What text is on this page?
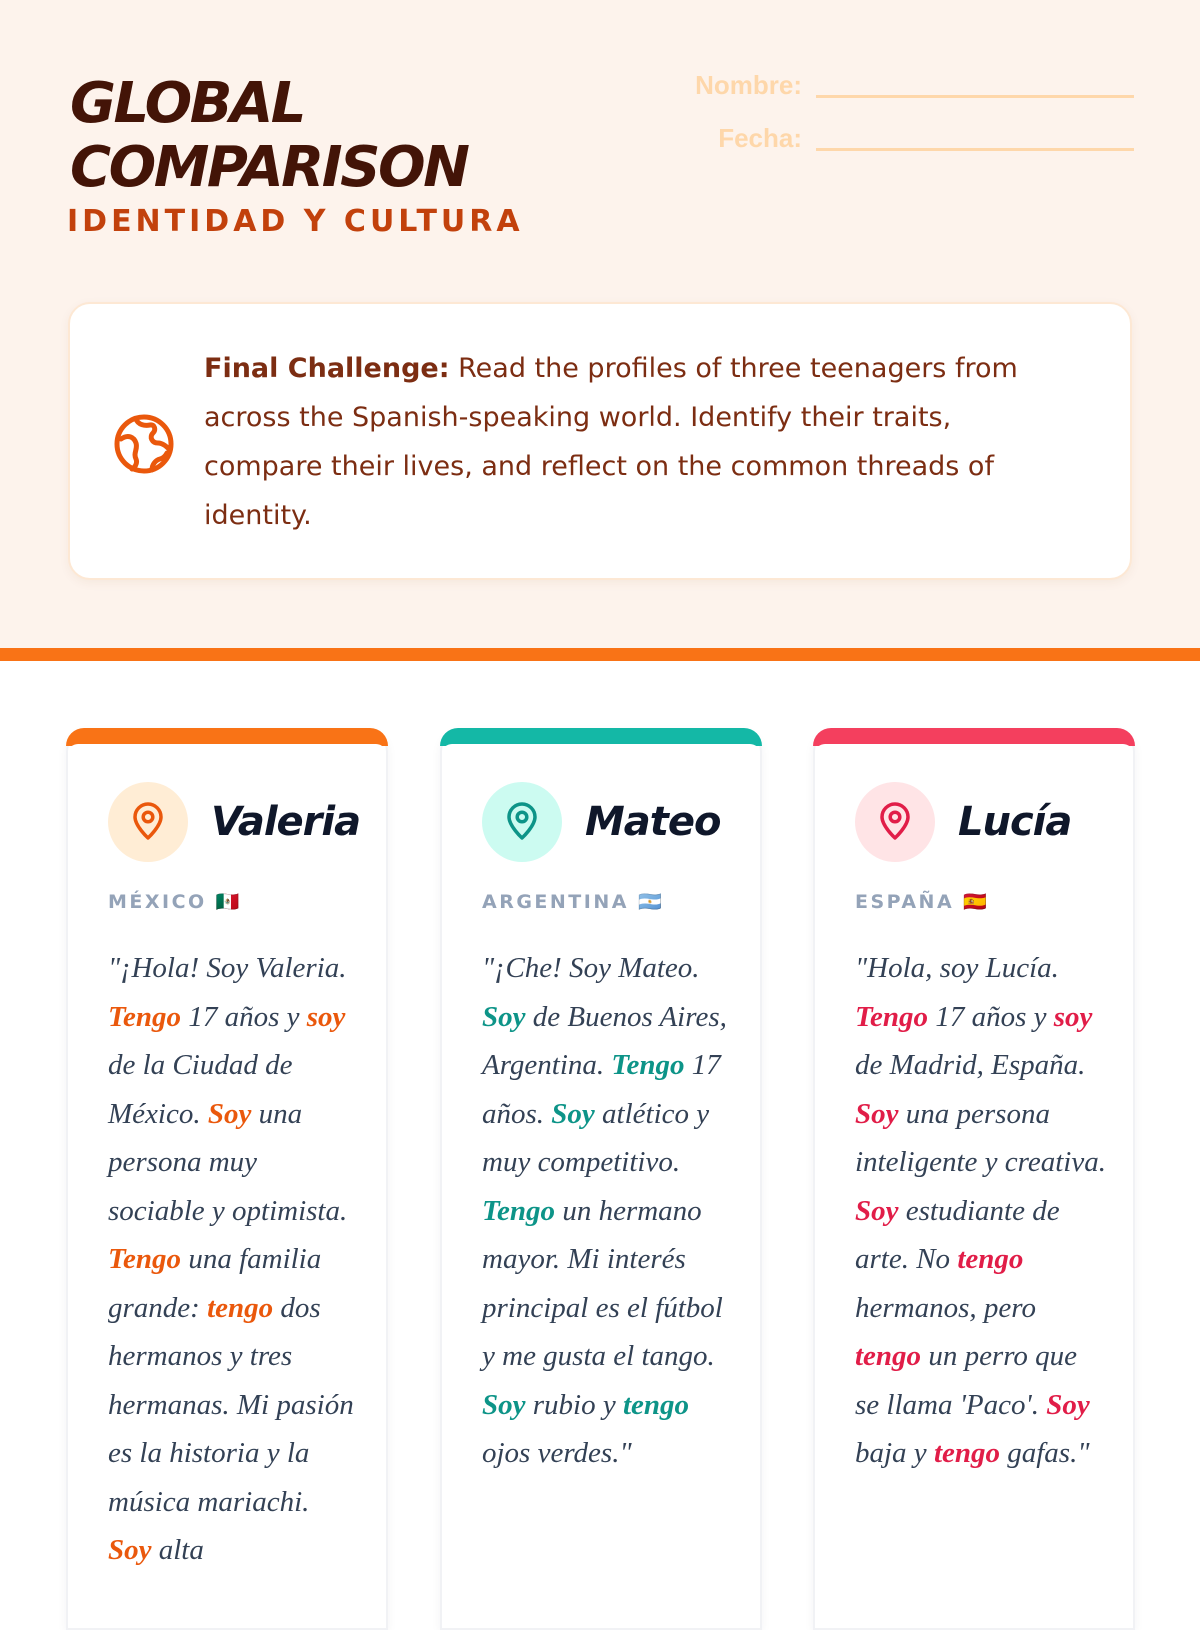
GLOBAL COMPARISON
IDENTIDAD Y CULTURA
Nombre:
Fecha:

Final Challenge: Read the profiles of three teenagers from across the Spanish-speaking world. Identify their traits, compare their lives, and reflect on the common threads of identity.

Valeria
MÉXICO 🇲🇽

"¡Hola! Soy Valeria. Tengo 17 años y soy de la Ciudad de México. Soy una persona muy sociable y optimista. Tengo una familia grande: tengo dos hermanos y tres hermanas. Mi pasión es la historia y la música mariachi. Soy alta

Mateo
ARGENTINA 🇦🇷

"¡Che! Soy Mateo. Soy de Buenos Aires, Argentina. Tengo 17 años. Soy atlético y muy competitivo. Tengo un hermano mayor. Mi interés principal es el fútbol y me gusta el tango. Soy rubio y tengo ojos verdes."

Lucía
ESPAÑA 🇪🇸

"Hola, soy Lucía. Tengo 17 años y soy de Madrid, España. Soy una persona inteligente y creativa. Soy estudiante de arte. No tengo hermanos, pero tengo un perro que se llama 'Paco'. Soy baja y tengo gafas."
